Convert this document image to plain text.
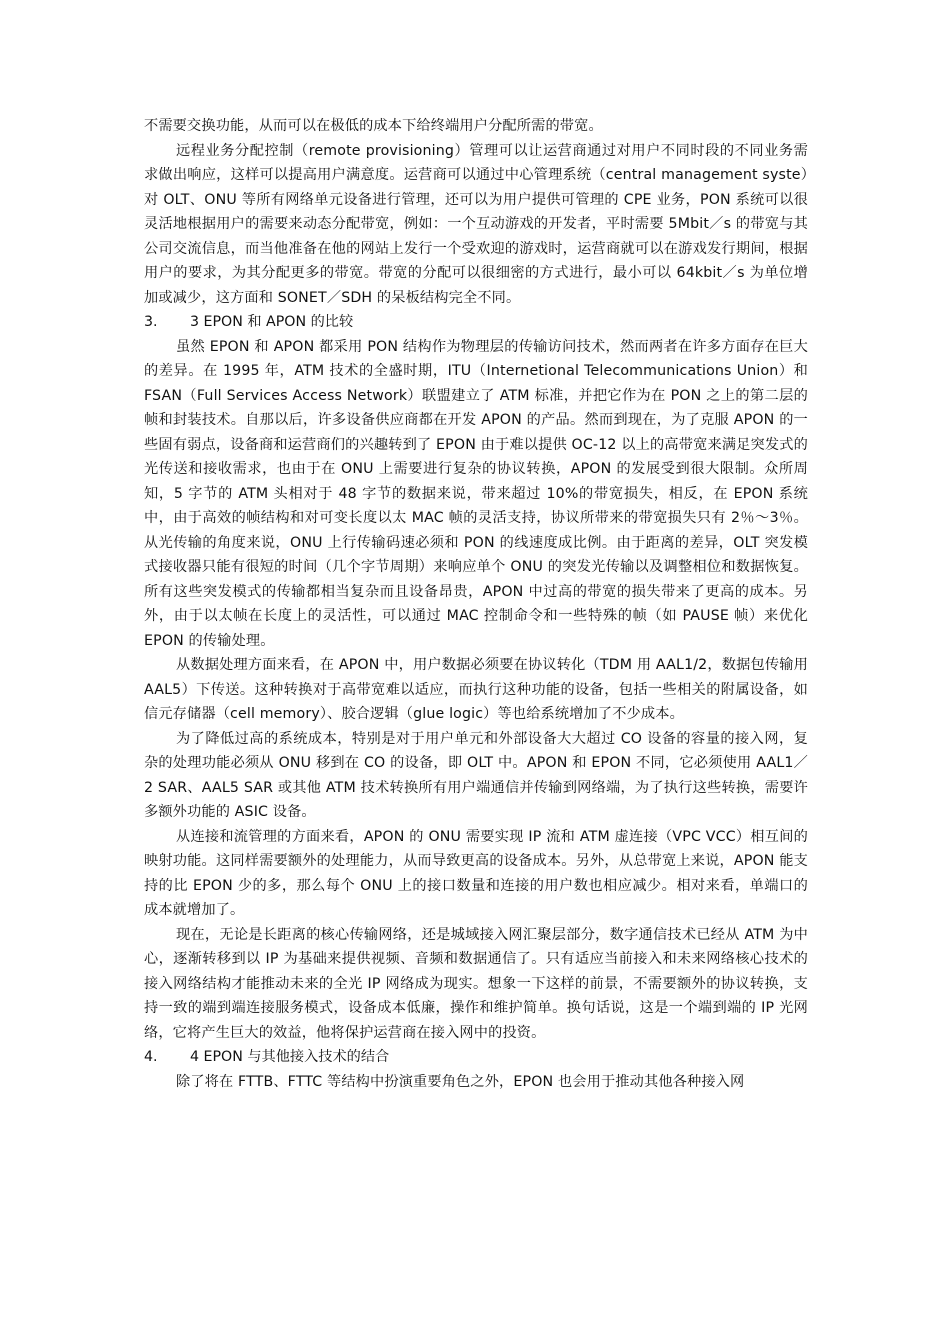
不需要交换功能，从而可以在极低的成本下给终端用户分配所需的带宽。

远程业务分配控制（remote provisioning）管理可以让运营商通过对用户不同时段的不同业务需求做出响应，这样可以提高用户满意度。运营商可以通过中心管理系统（central management syste）对 OLT、ONU 等所有网络单元设备进行管理，还可以为用户提供可管理的 CPE 业务，PON 系统可以很灵活地根据用户的需要来动态分配带宽，例如：一个互动游戏的开发者，平时需要 5Mbit／s 的带宽与其公司交流信息，而当他准备在他的网站上发行一个受欢迎的游戏时，运营商就可以在游戏发行期间，根据用户的要求，为其分配更多的带宽。带宽的分配可以很细密的方式进行，最小可以 64kbit／s 为单位增加或减少，这方面和 SONET／SDH 的呆板结构完全不同。

3. 3 EPON 和 APON 的比较

虽然 EPON 和 APON 都采用 PON 结构作为物理层的传输访问技术，然而两者在许多方面存在巨大的差异。在 1995 年，ATM 技术的全盛时期，ITU（Internetional Telecommunications Union）和 FSAN（Full Services Access Network）联盟建立了 ATM 标准，并把它作为在 PON 之上的第二层的帧和封装技术。自那以后，许多设备供应商都在开发 APON 的产品。然而到现在，为了克服 APON 的一些固有弱点，设备商和运营商们的兴趣转到了 EPON 由于难以提供 OC-12 以上的高带宽来满足突发式的光传送和接收需求，也由于在 ONU 上需要进行复杂的协议转换，APON 的发展受到很大限制。众所周知，5 字节的 ATM 头相对于 48 字节的数据来说，带来超过 10%的带宽损失，相反，在 EPON 系统中，由于高效的帧结构和对可变长度以太 MAC 帧的灵活支持，协议所带来的带宽损失只有 2％～3％。从光传输的角度来说，ONU 上行传输码速必须和 PON 的线速度成比例。由于距离的差异，OLT 突发模式接收器只能有很短的时间（几个字节周期）来响应单个 ONU 的突发光传输以及调整相位和数据恢复。所有这些突发模式的传输都相当复杂而且设备昂贵，APON 中过高的带宽的损失带来了更高的成本。另外，由于以太帧在长度上的灵活性，可以通过 MAC 控制命令和一些特殊的帧（如 PAUSE 帧）来优化 EPON 的传输处理。

从数据处理方面来看，在 APON 中，用户数据必须要在协议转化（TDM 用 AAL1/2，数据包传输用 AAL5）下传送。这种转换对于高带宽难以适应，而执行这种功能的设备，包括一些相关的附属设备，如信元存储器（cell memory）、胶合逻辑（glue logic）等也给系统增加了不少成本。

为了降低过高的系统成本，特别是对于用户单元和外部设备大大超过 CO 设备的容量的接入网，复杂的处理功能必须从 ONU 移到在 CO 的设备，即 OLT 中。APON 和 EPON 不同，它必须使用 AAL1／2 SAR、AAL5 SAR 或其他 ATM 技术转换所有用户端通信并传输到网络端，为了执行这些转换，需要许多额外功能的 ASIC 设备。

从连接和流管理的方面来看，APON 的 ONU 需要实现 IP 流和 ATM 虚连接（VPC VCC）相互间的映射功能。这同样需要额外的处理能力，从而导致更高的设备成本。另外，从总带宽上来说，APON 能支持的比 EPON 少的多，那么每个 ONU 上的接口数量和连接的用户数也相应减少。相对来看，单端口的成本就增加了。

现在，无论是长距离的核心传输网络，还是城域接入网汇聚层部分，数字通信技术已经从 ATM 为中心，逐渐转移到以 IP 为基础来提供视频、音频和数据通信了。只有适应当前接入和未来网络核心技术的接入网络结构才能推动未来的全光 IP 网络成为现实。想象一下这样的前景，不需要额外的协议转换，支持一致的端到端连接服务模式，设备成本低廉，操作和维护简单。换句话说，这是一个端到端的 IP 光网络，它将产生巨大的效益，他将保护运营商在接入网中的投资。

4. 4 EPON 与其他接入技术的结合

除了将在 FTTB、FTTC 等结构中扮演重要角色之外，EPON 也会用于推动其他各种接入网
